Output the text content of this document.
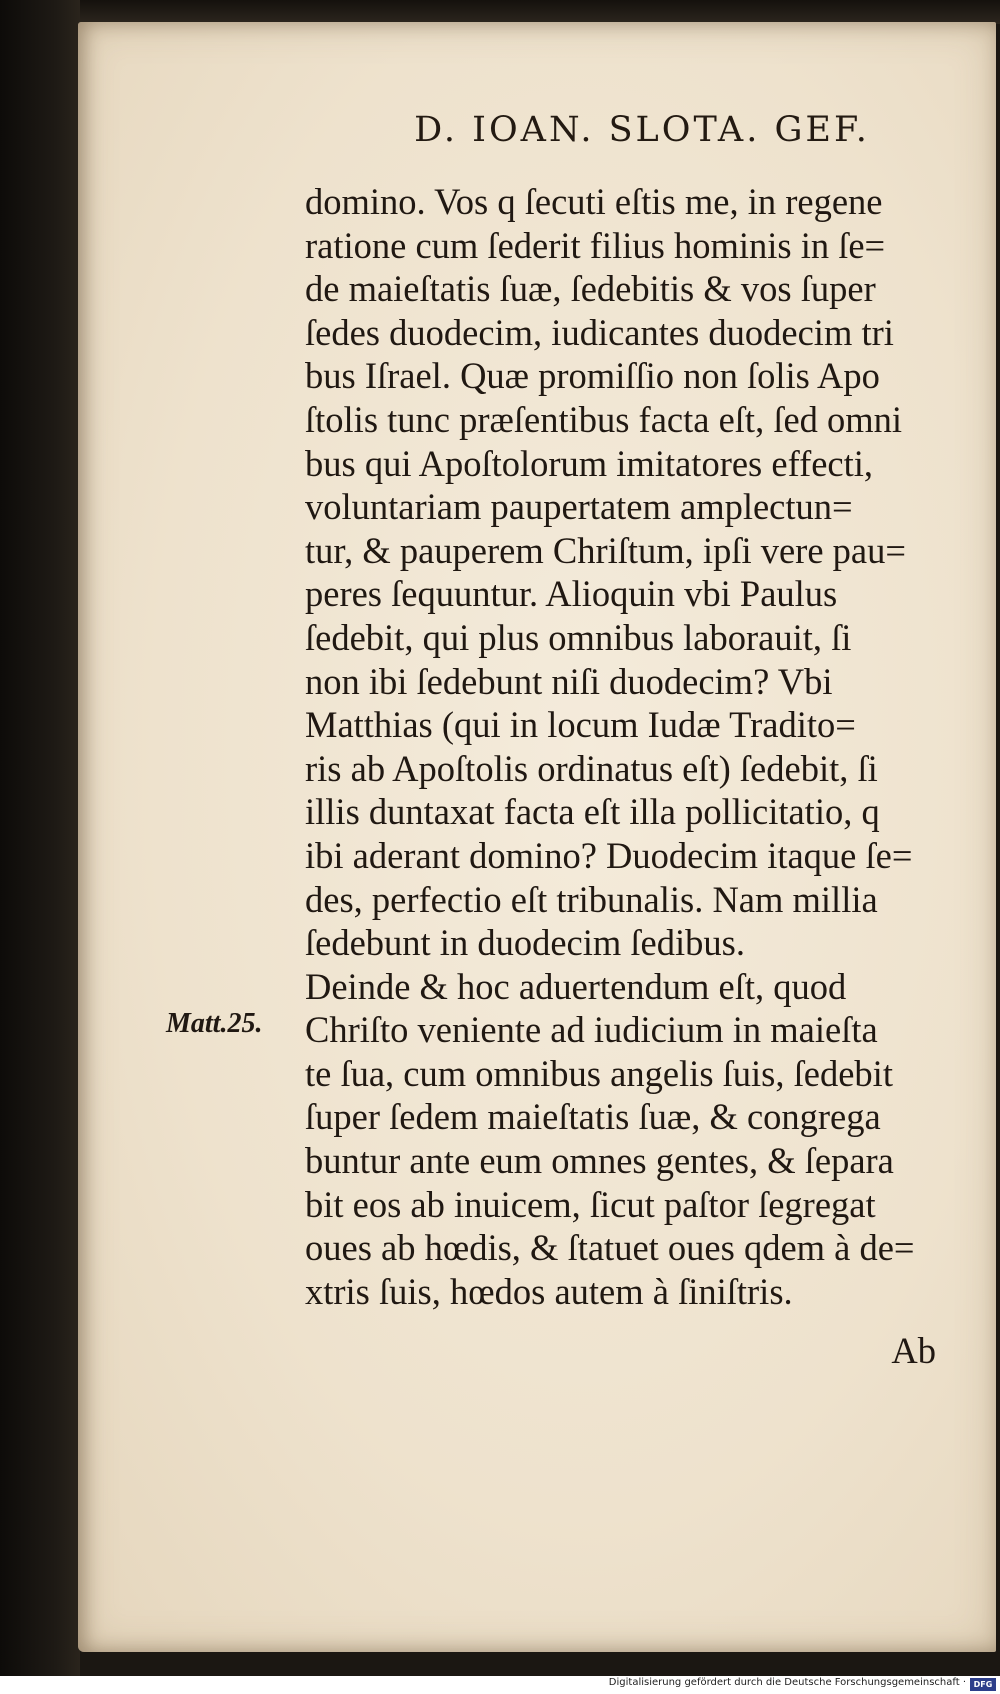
D. IOAN. SLOTA. GEF.
domino. Vos q ſecuti eſtis me, in regene
ratione cum ſederit filius hominis in ſe=
de maieſtatis ſuæ, ſedebitis & vos ſuper
ſedes duodecim, iudicantes duodecim tri
bus Iſrael. Quæ promiſſio non ſolis Apo
ſtolis tunc præſentibus facta eſt, ſed omni
bus qui Apoſtolorum imitatores effecti,
voluntariam paupertatem amplectun=
tur, & pauperem Chriſtum, ipſi vere pau=
peres ſequuntur. Alioquin vbi Paulus
ſedebit, qui plus omnibus laborauit, ſi
non ibi ſedebunt niſi duodecim? Vbi
Matthias (qui in locum Iudæ Tradito=
ris ab Apoſtolis ordinatus eſt) ſedebit, ſi
illis duntaxat facta eſt illa pollicitatio, q
ibi aderant domino? Duodecim itaque ſe=
des, perfectio eſt tribunalis. Nam millia
ſedebunt in duodecim ſedibus.
Deinde & hoc aduertendum eſt, quod
Chriſto veniente ad iudicium in maieſta
te ſua, cum omnibus angelis ſuis, ſedebit
ſuper ſedem maieſtatis ſuæ, & congrega
buntur ante eum omnes gentes, & ſepara
bit eos ab inuicem, ſicut paſtor ſegregat
oues ab hœdis, & ſtatuet oues qdem à de=
xtris ſuis, hœdos autem à ſiniſtris.
Matt.25.
Ab
Digitalisierung gefördert durch die Deutsche Forschungsgemeinschaft · DFG
